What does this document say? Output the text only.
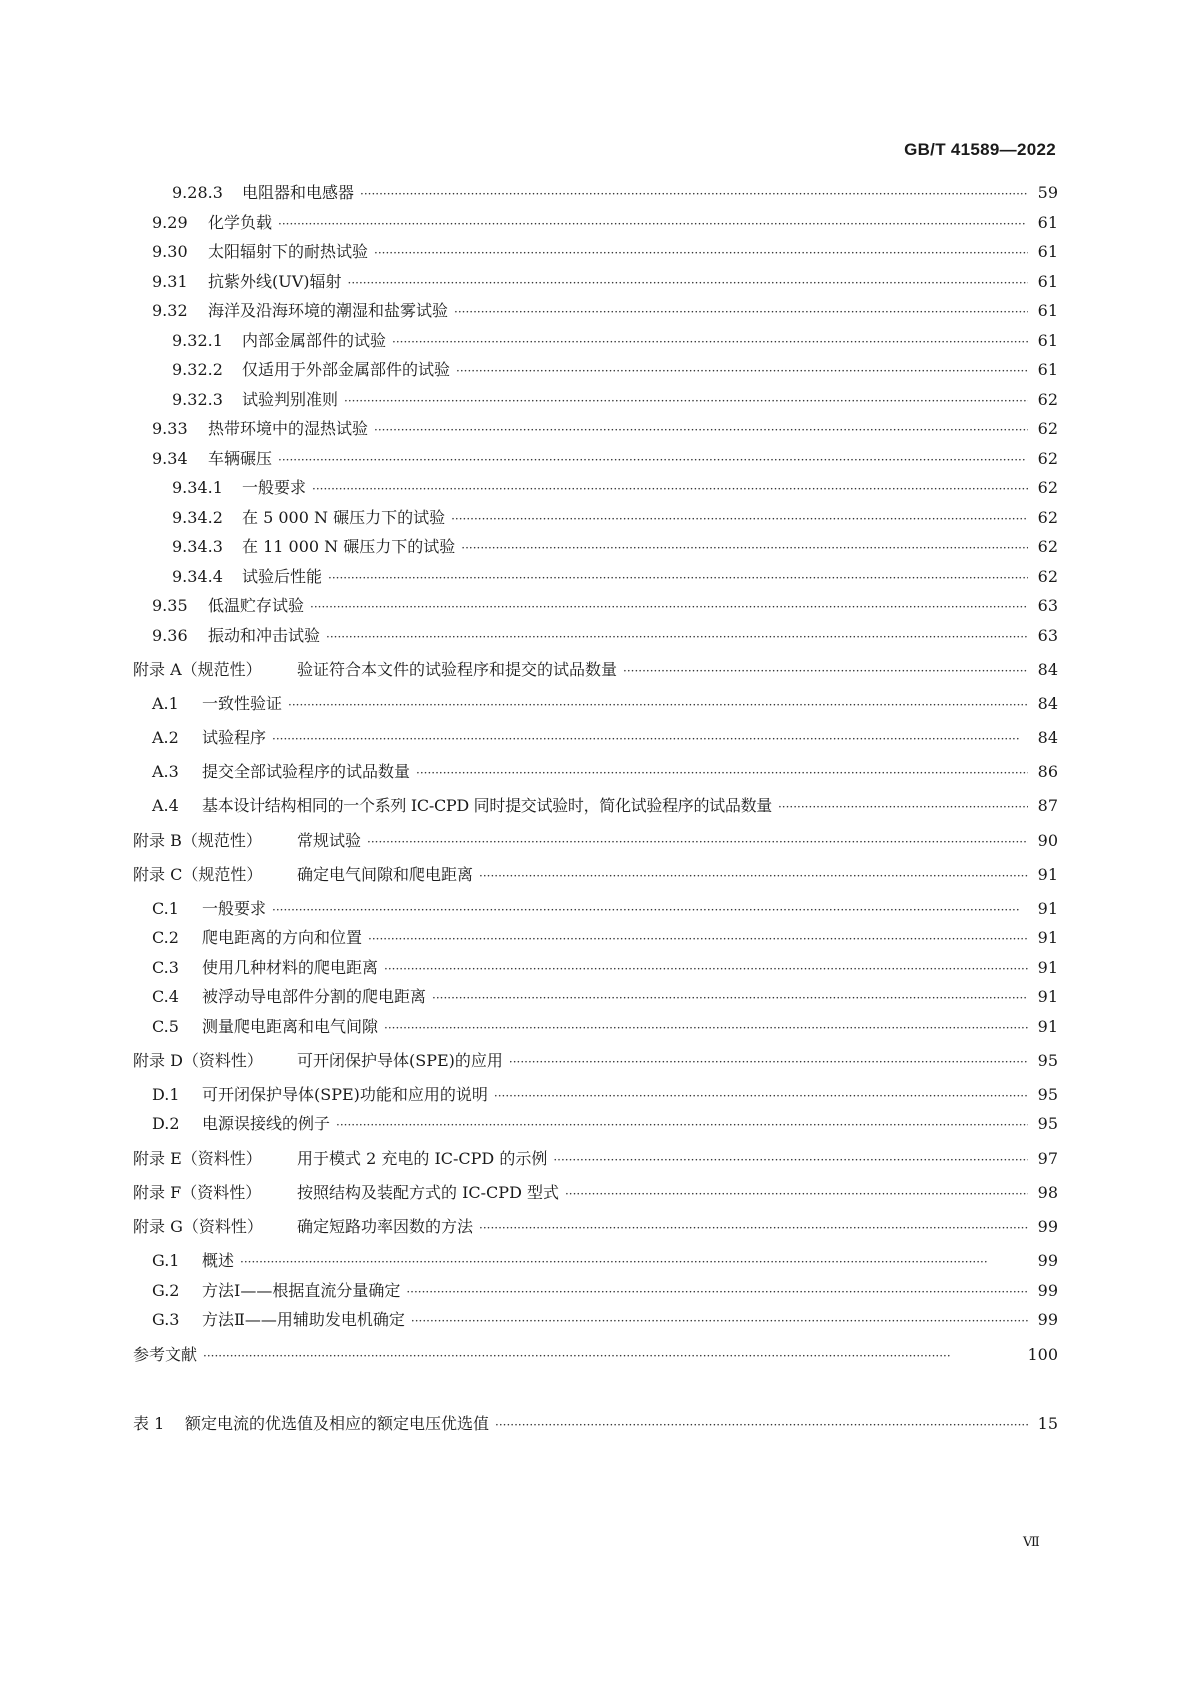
GB/T 41589—2022
9.28.3	电阻器和电感器 ·····	59
9.29	化学负载 ·····	61
9.30	太阳辐射下的耐热试验 ·····	61
9.31	抗紫外线(UV)辐射 ·····	61
9.32	海洋及沿海环境的潮湿和盐雾试验 ·····	61
9.32.1	内部金属部件的试验 ·····	61
9.32.2	仅适用于外部金属部件的试验 ·····	61
9.32.3	试验判别准则 ·····	62
9.33	热带环境中的湿热试验 ·····	62
9.34	车辆碾压 ·····	62
9.34.1	一般要求 ·····	62
9.34.2	在 5 000 N 碾压力下的试验 ·····	62
9.34.3	在 11 000 N 碾压力下的试验 ·····	62
9.34.4	试验后性能 ·····	62
9.35	低温贮存试验 ·····	63
9.36	振动和冲击试验 ·····	63
附录 A（规范性）	验证符合本文件的试验程序和提交的试品数量 ·····	84
A.1	一致性验证 ·····	84
A.2	试验程序 ·····	84
A.3	提交全部试验程序的试品数量 ·····	86
A.4	基本设计结构相同的一个系列 IC-CPD 同时提交试验时，简化试验程序的试品数量 ·····	87
附录 B（规范性）	常规试验 ·····	90
附录 C（规范性）	确定电气间隙和爬电距离 ·····	91
C.1	一般要求 ·····	91
C.2	爬电距离的方向和位置 ·····	91
C.3	使用几种材料的爬电距离 ·····	91
C.4	被浮动导电部件分割的爬电距离 ·····	91
C.5	测量爬电距离和电气间隙 ·····	91
附录 D（资料性）	可开闭保护导体(SPE)的应用 ·····	95
D.1	可开闭保护导体(SPE)功能和应用的说明 ·····	95
D.2	电源误接线的例子 ·····	95
附录 E（资料性）	用于模式 2 充电的 IC-CPD 的示例 ·····	97
附录 F（资料性）	按照结构及装配方式的 IC-CPD 型式 ·····	98
附录 G（资料性）	确定短路功率因数的方法 ·····	99
G.1	概述 ·····	99
G.2	方法Ⅰ——根据直流分量确定 ·····	99
G.3	方法Ⅱ——用辅助发电机确定 ·····	99
参考文献 ·····	100
表 1	额定电流的优选值及相应的额定电压优选值 ·····	15
Ⅶ
